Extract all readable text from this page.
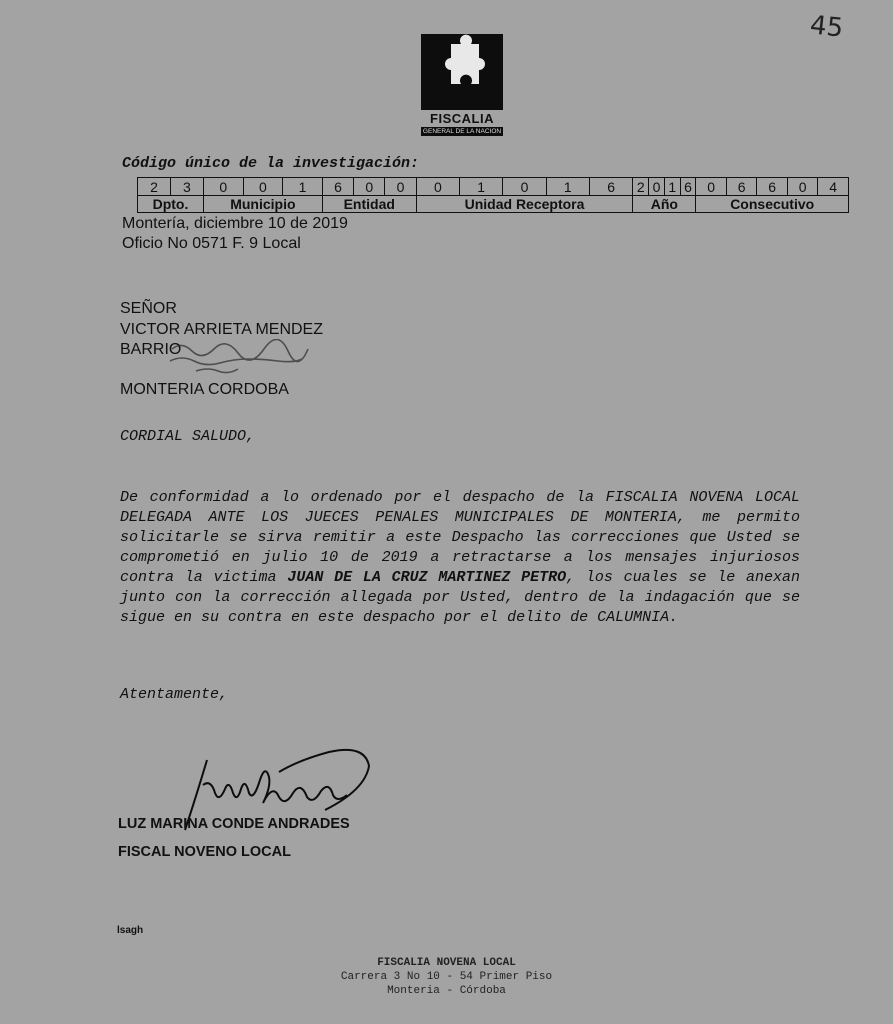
45
FISCALIA
GENERAL DE LA NACION
Código único de la investigación:
2	3	0	0	1	6	0	0	0	1	0	1	6	2	0	1	6	0	6	6	0	4
Dpto.		Municipio			Entidad			Unidad Receptora					Año				Consecutivo				
Montería, diciembre 10 de 2019
Oficio No 0571 F. 9 Local
SEÑOR
VICTOR ARRIETA MENDEZ
BARRIO
MONTERIA CORDOBA
CORDIAL SALUDO,
De conformidad a lo ordenado por el despacho de la FISCALIA NOVENA LOCAL DELEGADA ANTE LOS JUECES PENALES MUNICIPALES DE MONTERIA, me permito solicitarle se sirva remitir a este Despacho las correcciones que Usted se comprometió en julio 10 de 2019 a retractarse a los mensajes injuriosos contra la victima JUAN DE LA CRUZ MARTINEZ PETRO, los cuales se le anexan junto con la corrección allegada por Usted, dentro de la indagación que se sigue en su contra en este despacho por el delito de CALUMNIA.
Atentamente,
LUZ MARINA CONDE ANDRADES
FISCAL NOVENO LOCAL
lsagh
FISCALIA NOVENA LOCAL
Carrera 3 No 10 - 54 Primer Piso
Monteria - Córdoba
